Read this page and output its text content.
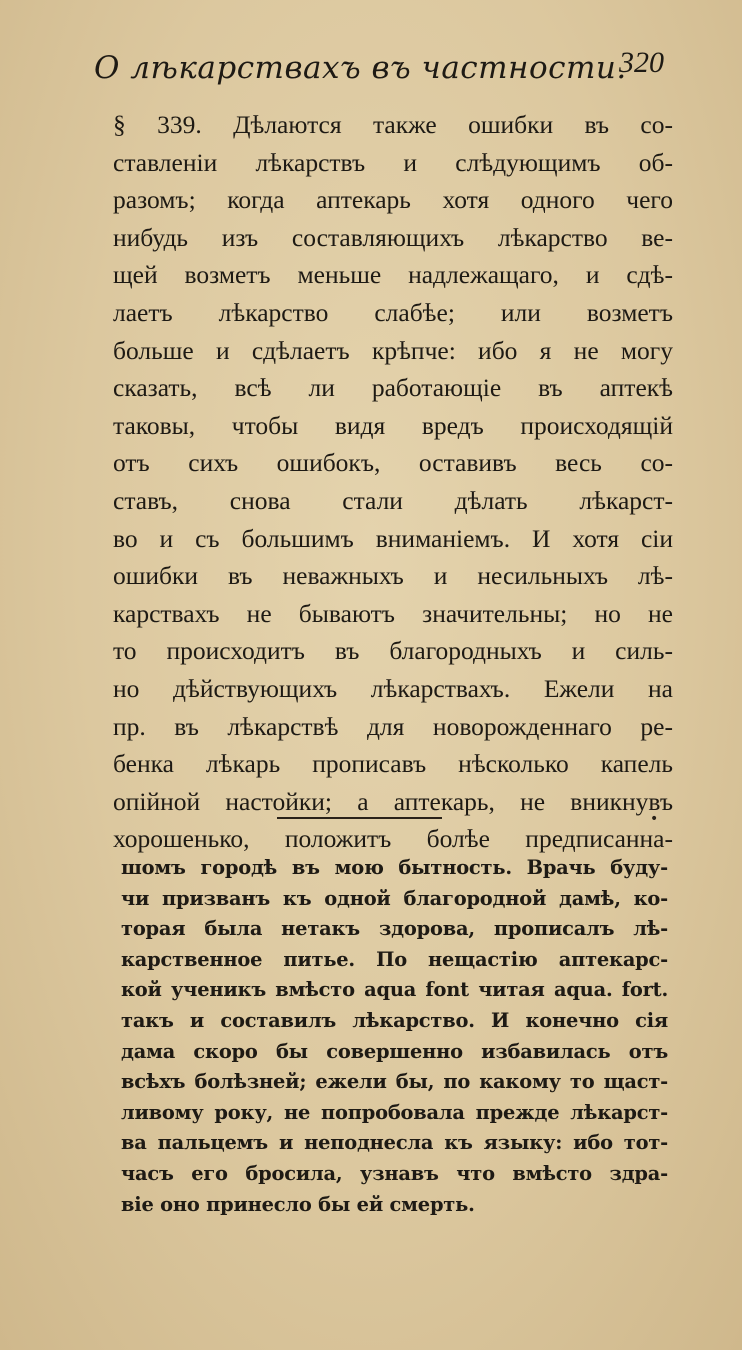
О лѣкарствахъ въ частности.
320
§ 339. Дѣлаются также ошибки въ со-
ставленіи лѣкарствъ и слѣдующимъ об-
разомъ; когда аптекарь хотя одного чего
нибудь изъ составляющихъ лѣкарство ве-
щей возметъ меньше надлежащаго, и сдѣ-
лаетъ лѣкарство слабѣе; или возметъ
больше и сдѣлаетъ крѣпче: ибо я не могу
сказать, всѣ ли работающіе въ аптекѣ
таковы, чтобы видя вредъ происходящій
отъ сихъ ошибокъ, оставивъ весь со-
ставъ, снова стали дѣлать лѣкарст-
во и съ большимъ вниманіемъ. И хотя сіи
ошибки въ неважныхъ и несильныхъ лѣ-
карствахъ не бываютъ значительны; но не
то происходитъ въ благородныхъ и силь-
но дѣйствующихъ лѣкарствахъ. Ежели на
пр. въ лѣкарствѣ для новорожденнаго ре-
бенка лѣкарь прописавъ нѣсколько капель
опійной настойки; а аптекарь, не вникнувъ
хорошенько, положитъ болѣе предписанна-
•
шомъ городѣ въ мою бытность. Врачь буду-
чи призванъ къ одной благородной дамѣ, ко-
торая была нетакъ здорова, прописалъ лѣ-
карственное питье. По нещастію аптекарс-
кой ученикъ вмѣсто aqua font читая aqua. fort.
такъ и составилъ лѣкарство. И конечно сія
дама скоро бы совершенно избавилась отъ
всѣхъ болѣзней; ежели бы, по какому то щаст-
ливому року, не попробовала прежде лѣкарст-
ва пальцемъ и неподнесла къ языку: ибо тот-
часъ его бросила, узнавъ что вмѣсто здра-
віе оно принесло бы ей смерть.
